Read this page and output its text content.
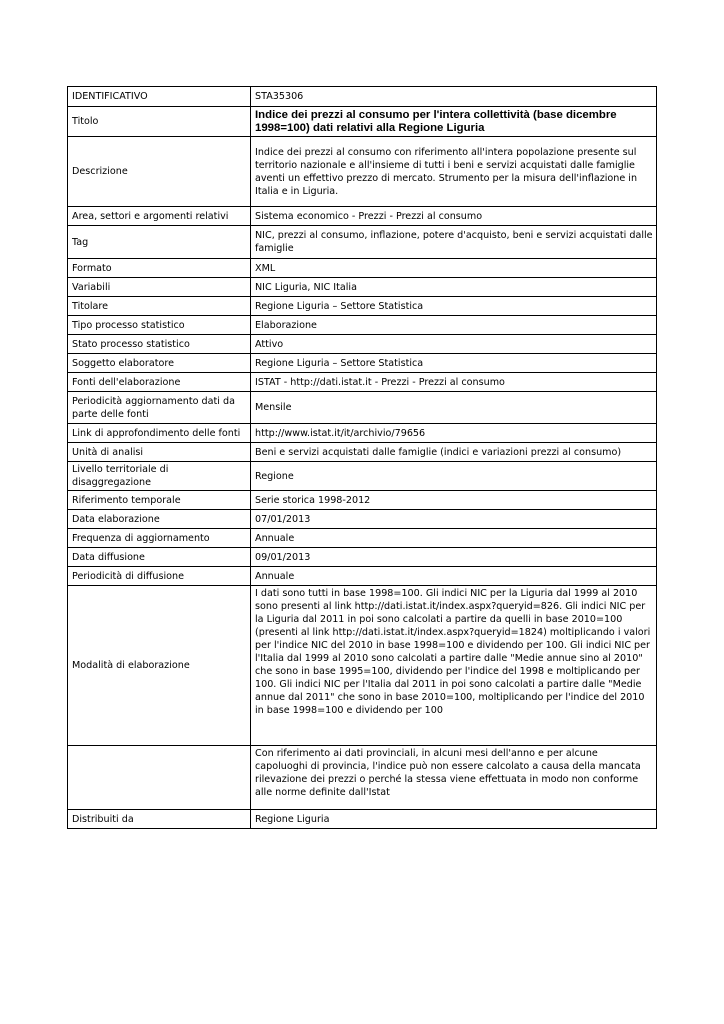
IDENTIFICATIVO	STA35306
Titolo	Indice dei prezzi al consumo per l'intera collettività (base dicembre 1998=100) dati relativi alla Regione Liguria

Descrizione	Indice dei prezzi al consumo con riferimento all'intera popolazione presente sul territorio nazionale e all'insieme di tutti i beni e servizi acquistati dalle famiglie aventi un effettivo prezzo di mercato. Strumento per la misura dell'inflazione in Italia e in Liguria.
Area, settori e argomenti relativi	Sistema economico - Prezzi - Prezzi al consumo
Tag	NIC, prezzi al consumo, inflazione, potere d'acquisto, beni e servizi acquistati dalle famiglie
Formato	XML
Variabili	NIC Liguria, NIC Italia
Titolare	Regione Liguria – Settore Statistica
Tipo processo statistico	Elaborazione
Stato processo statistico	Attivo
Soggetto elaboratore	Regione Liguria – Settore Statistica
Fonti dell'elaborazione	ISTAT - http://dati.istat.it - Prezzi - Prezzi al consumo
Periodicità aggiornamento dati da parte delle fonti	Mensile
Link di approfondimento delle fonti	http://www.istat.it/it/archivio/79656
Unità di analisi	Beni e servizi acquistati dalle famiglie (indici e variazioni prezzi al consumo)
Livello territoriale di disaggregazione	Regione
Riferimento temporale	Serie storica 1998-2012
Data elaborazione	07/01/2013
Frequenza di aggiornamento	Annuale
Data diffusione	09/01/2013
Periodicità di diffusione	Annuale
Modalità di elaborazione	I dati sono tutti in base 1998=100. Gli indici NIC per la Liguria dal 1999 al 2010 sono presenti al link http://dati.istat.it/index.aspx?queryid=826. Gli indici NIC per la Liguria dal 2011 in poi sono calcolati a partire da quelli in base 2010=100 (presenti al link http://dati.istat.it/index.aspx?queryid=1824) moltiplicando i valori per l'indice NIC del 2010 in base 1998=100 e dividendo per 100. Gli indici NIC per l'Italia dal 1999 al 2010 sono calcolati a partire dalle "Medie annue sino al 2010" che sono in base 1995=100, dividendo per l'indice del 1998 e moltiplicando per 100. Gli indici NIC per l'Italia dal 2011 in poi sono calcolati a partire dalle "Medie annue dal 2011" che sono in base 2010=100, moltiplicando per l'indice del 2010 in base 1998=100 e dividendo per 100
	Con riferimento ai dati provinciali, in alcuni mesi dell'anno e per alcune capoluoghi di provincia, l'indice può non essere calcolato a causa della mancata rilevazione dei prezzi o perché la stessa viene effettuata in modo non conforme alle norme definite dall'Istat
Distribuiti da	Regione Liguria
